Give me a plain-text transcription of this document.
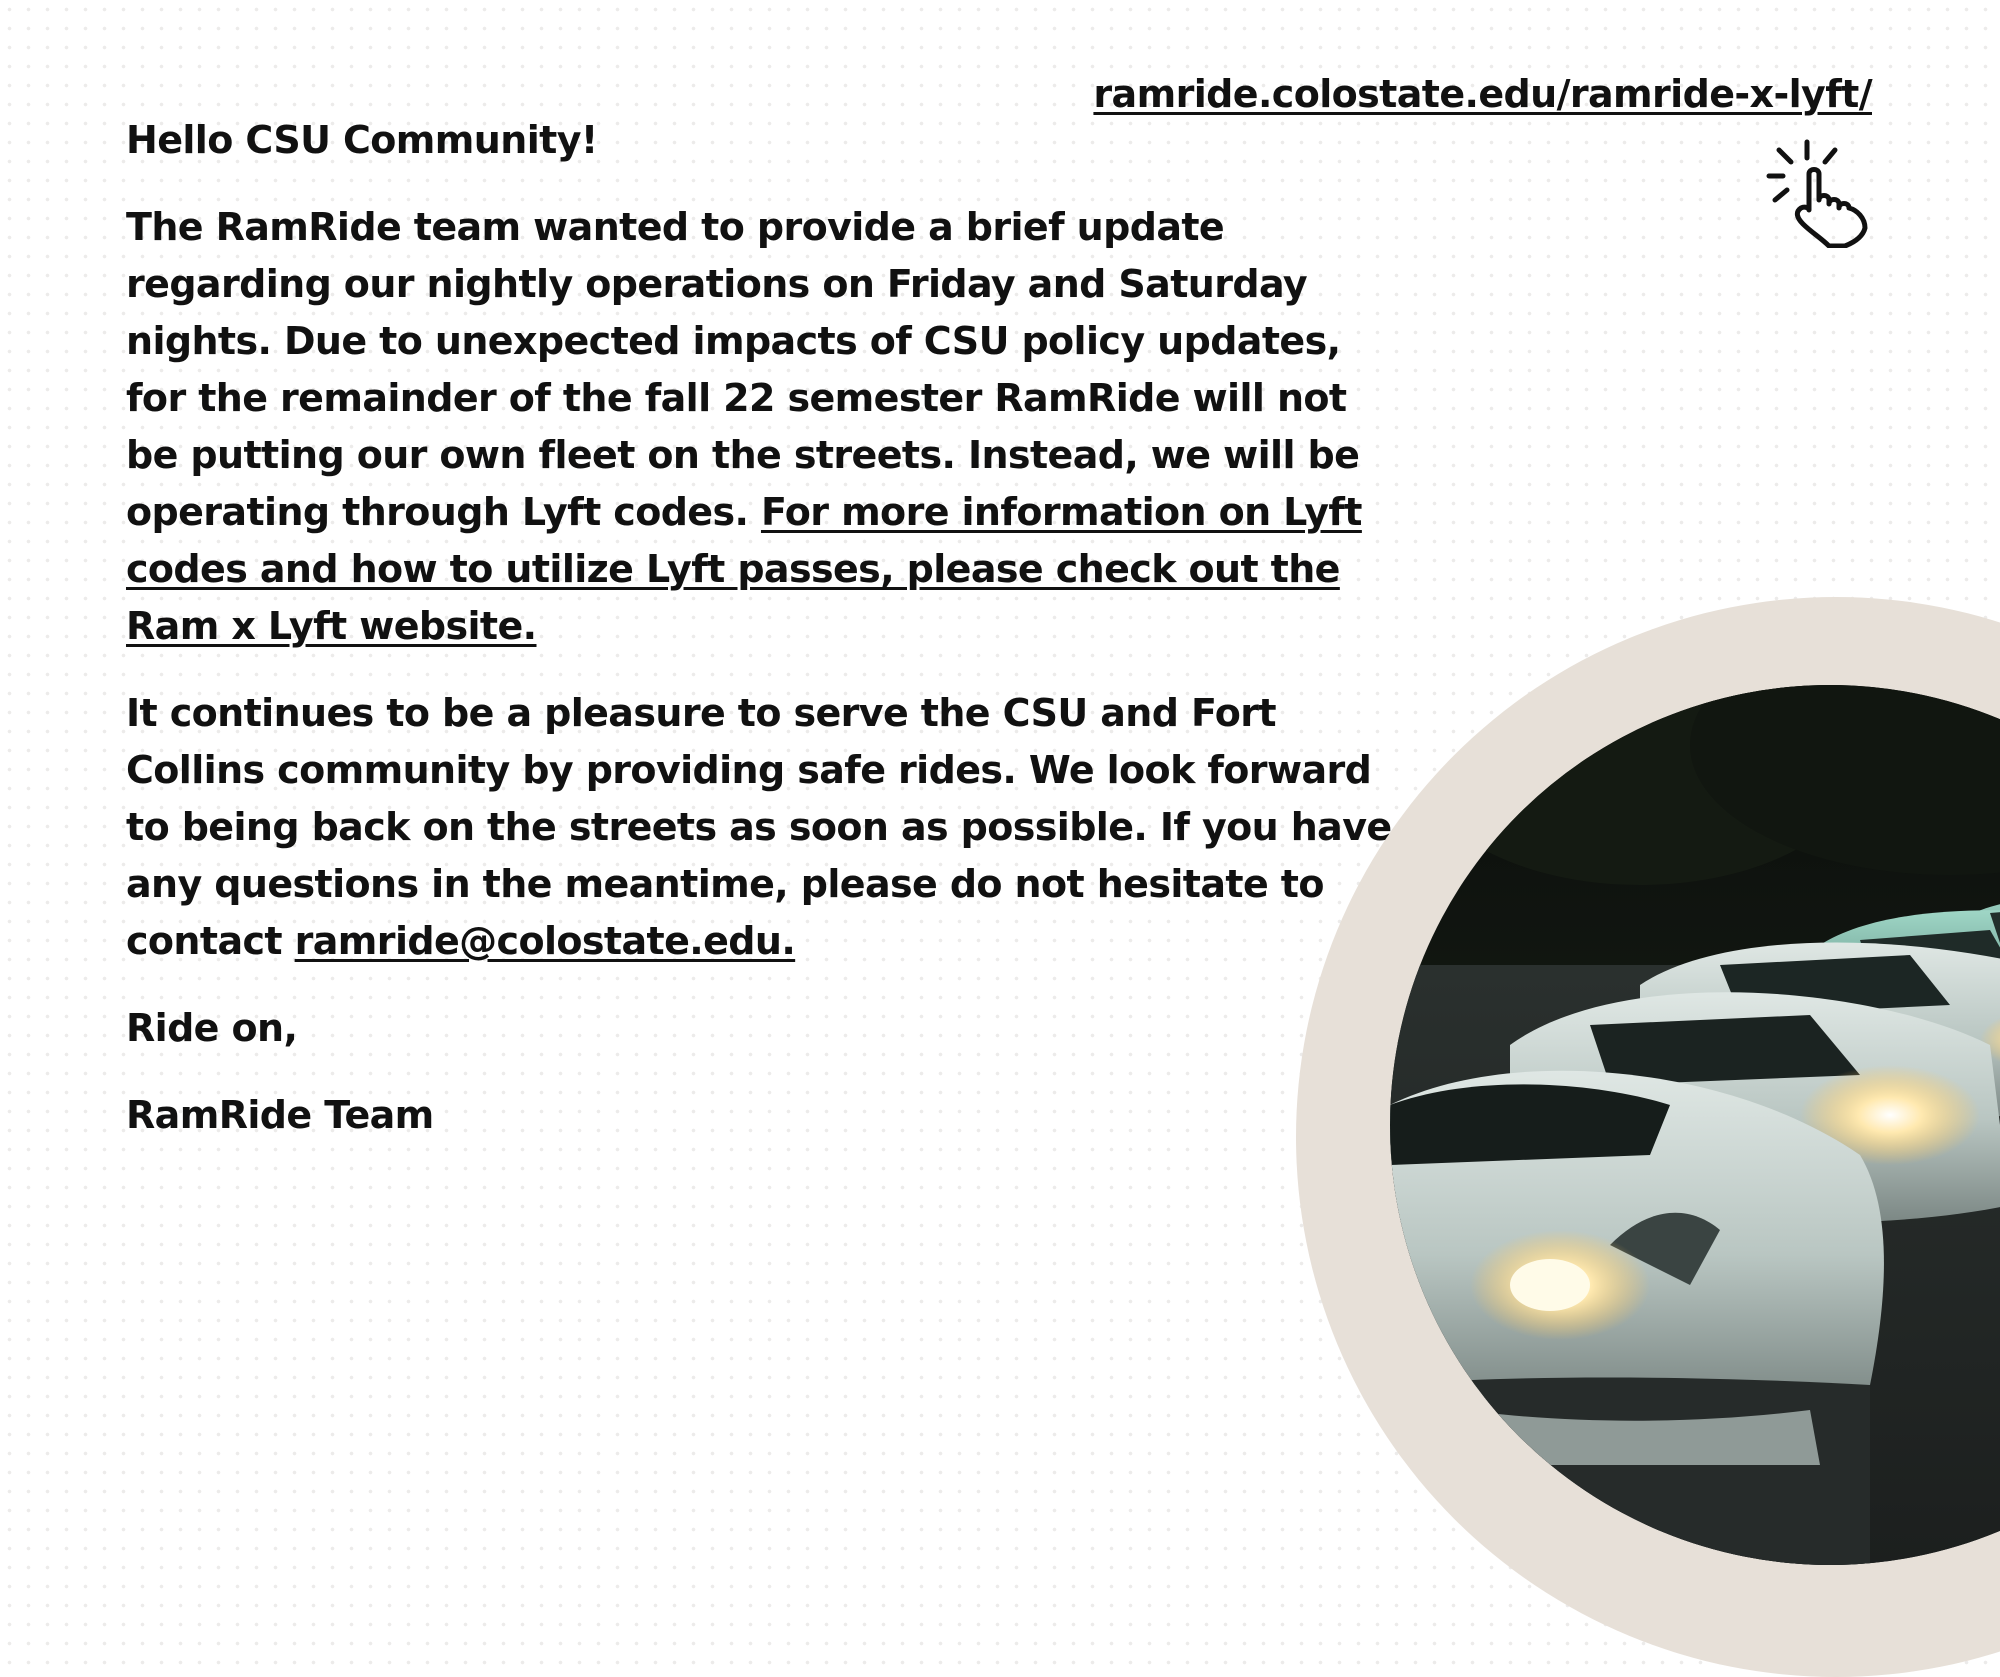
ramride.colostate.edu/ramride-x-lyft/

Hello CSU Community!

The RamRide team wanted to provide a brief update regarding our nightly operations on Friday and Saturday nights. Due to unexpected impacts of CSU policy updates, for the remainder of the fall 22 semester RamRide will not be putting our own fleet on the streets. Instead, we will be operating through Lyft codes. For more information on Lyft codes and how to utilize Lyft passes, please check out the Ram x Lyft website.

It continues to be a pleasure to serve the CSU and Fort Collins community by providing safe rides. We look forward to being back on the streets as soon as possible. If you have any questions in the meantime, please do not hesitate to contact ramride@colostate.edu.

Ride on,

RamRide Team
